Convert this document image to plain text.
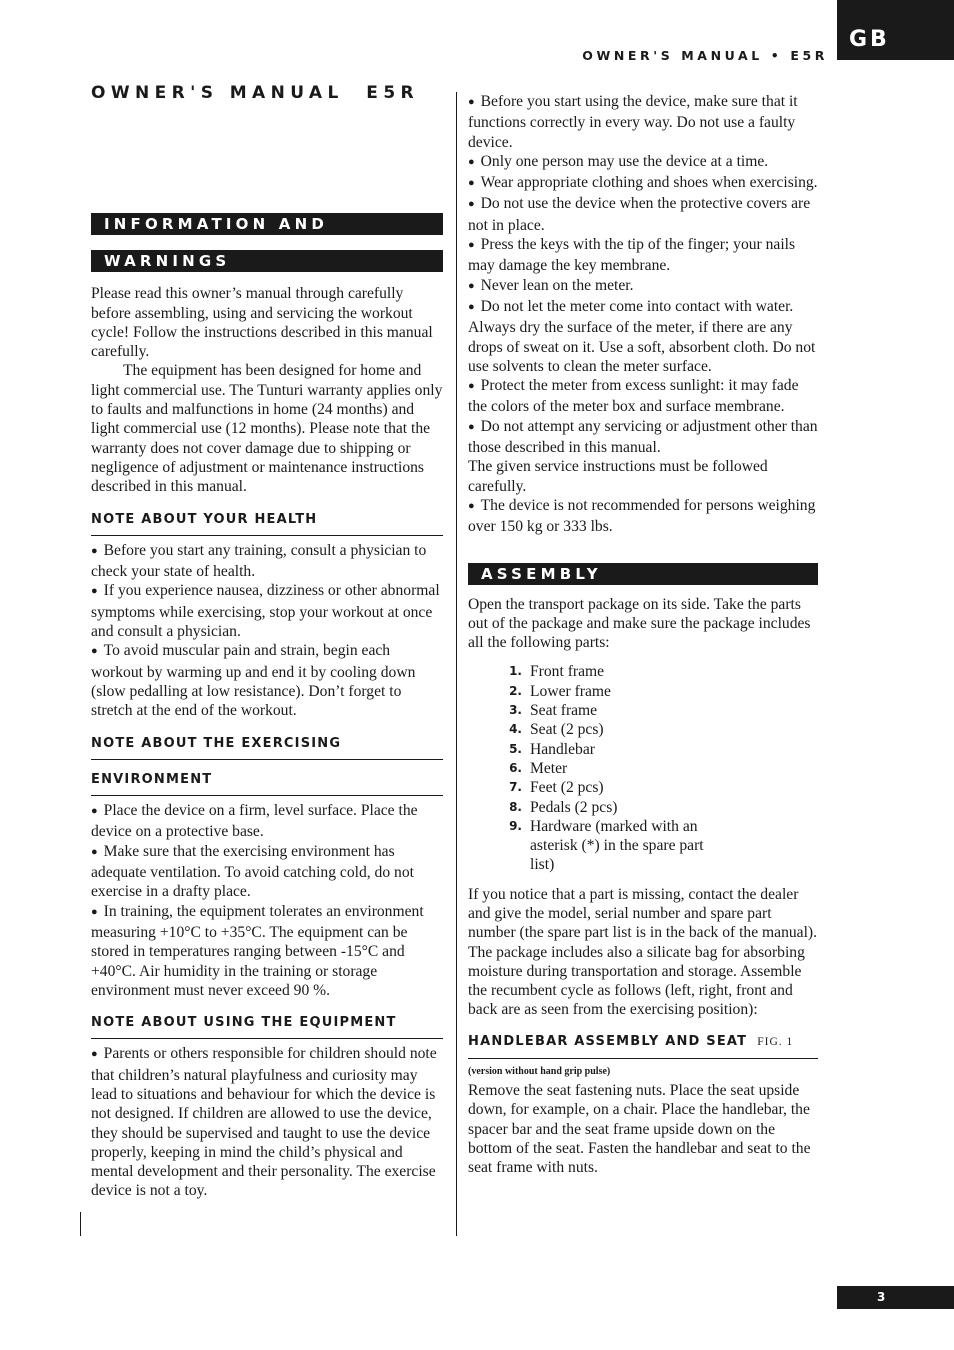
GB
OWNER'S MANUAL • E5R
OWNER'S MANUAL  E5R
INFORMATION AND
WARNINGS

Please read this owner’s manual through carefully before assembling, using and servicing the workout cycle! Follow the instructions described in this manual carefully.

The equipment has been designed for home and light commercial use. The Tunturi warranty applies only to faults and malfunctions in home (24 months) and light commercial use (12 months). Please note that the warranty does not cover damage due to shipping or negligence of adjustment or maintenance instructions described in this manual.

NOTE ABOUT YOUR HEALTH

● Before you start any training, consult a physician to check your state of health.

● If you experience nausea, dizziness or other abnormal symptoms while exercising, stop your workout at once and consult a physician.

● To avoid muscular pain and strain, begin each workout by warming up and end it by cooling down (slow pedalling at low resistance). Don’t forget to stretch at the end of the workout.

NOTE ABOUT THE EXERCISING
ENVIRONMENT

● Place the device on a firm, level surface. Place the device on a protective base.

● Make sure that the exercising environment has adequate ventilation. To avoid catching cold, do not exercise in a drafty place.

● In training, the equipment tolerates an environment measuring +10°C to +35°C. The equipment can be stored in temperatures ranging between -15°C and +40°C. Air humidity in the training or storage environment must never exceed 90 %.

NOTE ABOUT USING THE EQUIPMENT

● Parents or others responsible for children should note that children’s natural playfulness and curiosity may lead to situations and behaviour for which the device is not designed. If children are allowed to use the device, they should be supervised and taught to use the device properly, keeping in mind the child’s physical and mental development and their personality. The exercise device is not a toy.

● Before you start using the device, make sure that it functions correctly in every way. Do not use a faulty device.

● Only one person may use the device at a time.

● Wear appropriate clothing and shoes when exercising.

● Do not use the device when the protective covers are not in place.

● Press the keys with the tip of the finger; your nails may damage the key membrane.

● Never lean on the meter.

● Do not let the meter come into contact with water. Always dry the surface of the meter, if there are any drops of sweat on it. Use a soft, absorbent cloth. Do not use solvents to clean the meter surface.

● Protect the meter from excess sunlight: it may fade the colors of the meter box and surface membrane.

● Do not attempt any servicing or adjustment other than those described in this manual.

The given service instructions must be followed carefully.

● The device is not recommended for persons weighing over 150 kg or 333 lbs.

ASSEMBLY

Open the transport package on its side. Take the parts out of the package and make sure the package includes all the following parts:

1. Front frame
2. Lower frame
3. Seat frame
4. Seat (2 pcs)
5. Handlebar
6. Meter
7. Feet (2 pcs)
8. Pedals (2 pcs)
9. Hardware (marked with an asterisk (*) in the spare part list)

If you notice that a part is missing, contact the dealer and give the model, serial number and spare part number (the spare part list is in the back of the manual). The package includes also a silicate bag for absorbing moisture during transportation and storage. Assemble the recumbent cycle as follows (left, right, front and back are as seen from the exercising position):

HANDLEBAR ASSEMBLY AND SEAT FIG. 1

(version without hand grip pulse)

Remove the seat fastening nuts. Place the seat upside down, for example, on a chair. Place the handlebar, the spacer bar and the seat frame upside down on the bottom of the seat. Fasten the handlebar and seat to the seat frame with nuts.

3
